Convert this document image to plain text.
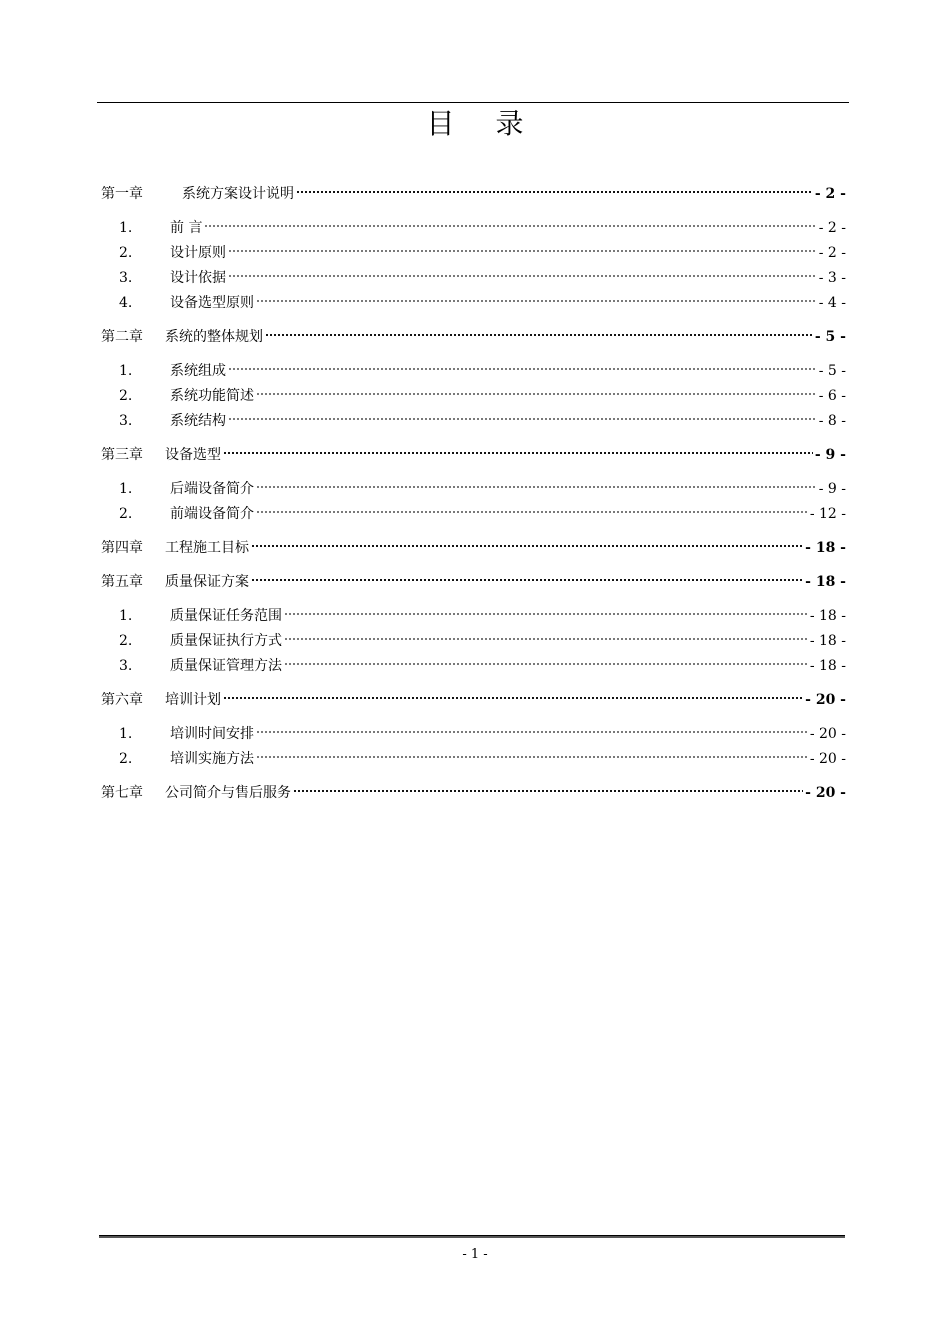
目 录
第一章	系统方案设计说明	- 2 -
1.	前 言	- 2 -
2.	设计原则	- 2 -
3.	设计依据	- 3 -
4.	设备选型原则	- 4 -
第二章	系统的整体规划	- 5 -
1.	系统组成	- 5 -
2.	系统功能简述	- 6 -
3.	系统结构	- 8 -
第三章	设备选型	- 9 -
1.	后端设备简介	- 9 -
2.	前端设备简介	- 12 -
第四章	工程施工目标	- 18 -
第五章	质量保证方案	- 18 -
1.	质量保证任务范围	- 18 -
2.	质量保证执行方式	- 18 -
3.	质量保证管理方法	- 18 -
第六章	培训计划	- 20 -
1.	培训时间安排	- 20 -
2.	培训实施方法	- 20 -
第七章	公司简介与售后服务	- 20 -
- 1 -
